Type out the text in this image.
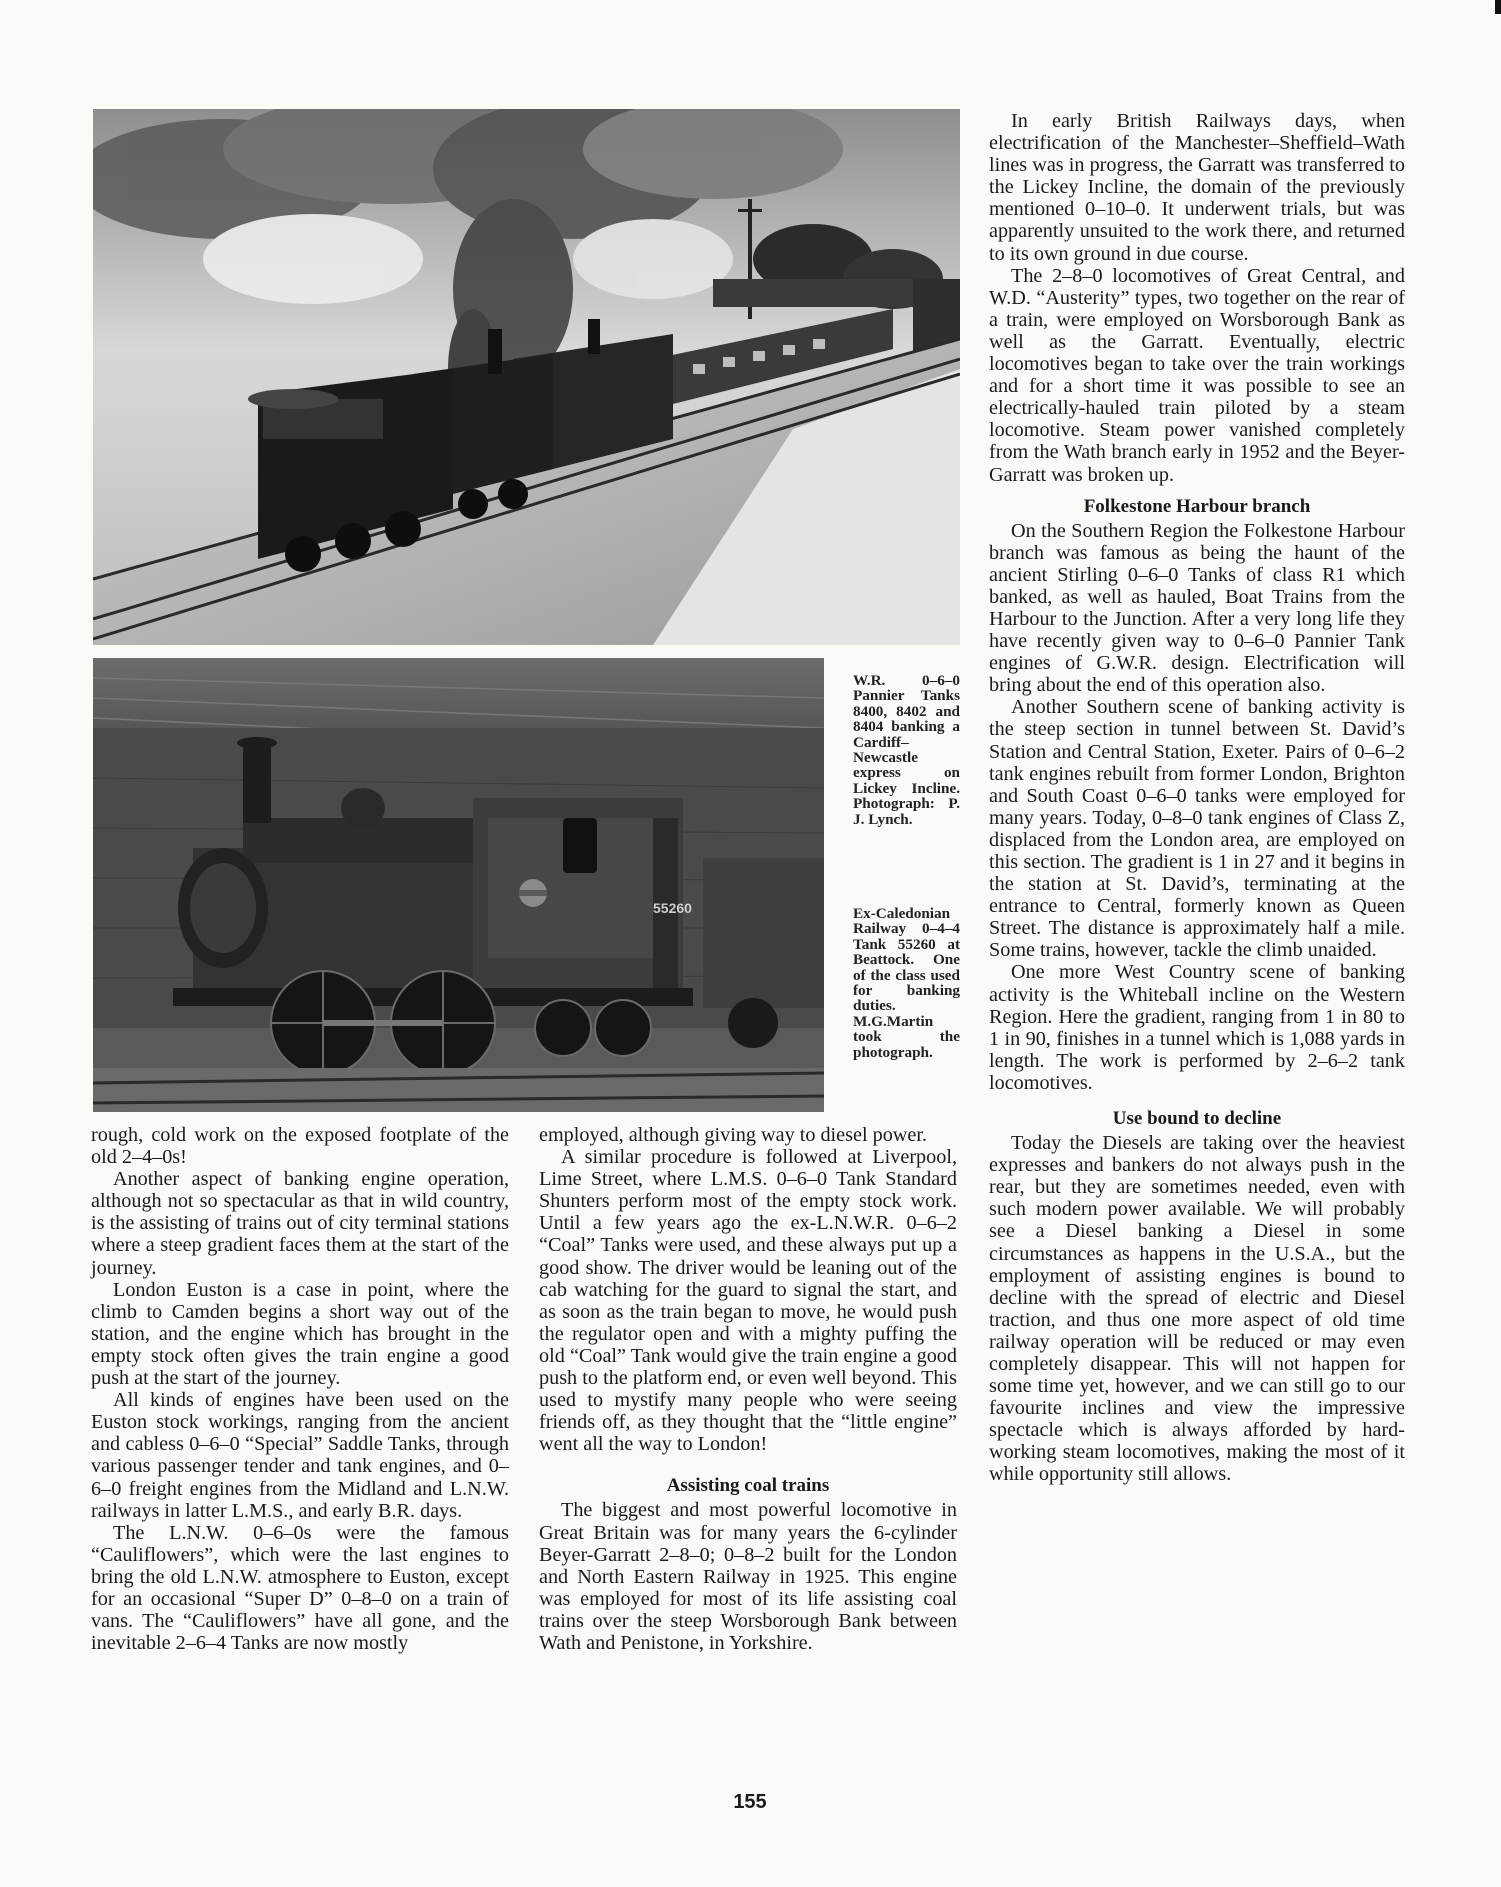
55260
W.R. 0–6–0 Pannier Tanks 8400, 8402 and 8404 banking a Cardiff–Newcastle express on Lickey Incline. Photograph: P. J. Lynch.
Ex-Caledonian Railway 0–4–4 Tank 55260 at Beattock. One of the class used for banking duties. M.G.Martin took the photograph.

rough, cold work on the exposed footplate of the old 2–4–0s!

Another aspect of banking engine operation, although not so spectacular as that in wild country, is the assisting of trains out of city terminal stations where a steep gradient faces them at the start of the journey.

London Euston is a case in point, where the climb to Camden begins a short way out of the station, and the engine which has brought in the empty stock often gives the train engine a good push at the start of the journey.

All kinds of engines have been used on the Euston stock workings, ranging from the ancient and cabless 0–6–0 “Special” Saddle Tanks, through various passenger tender and tank engines, and 0–6–0 freight engines from the Midland and L.N.W. railways in latter L.M.S., and early B.R. days.

The L.N.W. 0–6–0s were the famous “Cauliflowers”, which were the last engines to bring the old L.N.W. atmosphere to Euston, except for an occasional “Super D” 0–8–0 on a train of vans. The “Cauliflowers” have all gone, and the inevitable 2–6–4 Tanks are now mostly

employed, although giving way to diesel power.

A similar procedure is followed at Liverpool, Lime Street, where L.M.S. 0–6–0 Tank Standard Shunters perform most of the empty stock work. Until a few years ago the ex-L.N.W.R. 0–6–2 “Coal” Tanks were used, and these always put up a good show. The driver would be leaning out of the cab watching for the guard to signal the start, and as soon as the train began to move, he would push the regulator open and with a mighty puffing the old “Coal” Tank would give the train engine a good push to the platform end, or even well beyond. This used to mystify many people who were seeing friends off, as they thought that the “little engine” went all the way to London!

Assisting coal trains

The biggest and most powerful locomotive in Great Britain was for many years the 6-cylinder Beyer-Garratt 2–8–0; 0–8–2 built for the London and North Eastern Railway in 1925. This engine was employed for most of its life assisting coal trains over the steep Worsborough Bank between Wath and Penistone, in Yorkshire.

In early British Railways days, when electrification of the Manchester–Sheffield–Wath lines was in progress, the Garratt was transferred to the Lickey Incline, the domain of the previously mentioned 0–10–0. It underwent trials, but was apparently unsuited to the work there, and returned to its own ground in due course.

The 2–8–0 locomotives of Great Central, and W.D. “Austerity” types, two together on the rear of a train, were employed on Worsborough Bank as well as the Garratt. Eventually, electric locomotives began to take over the train workings and for a short time it was possible to see an electrically-hauled train piloted by a steam locomotive. Steam power vanished completely from the Wath branch early in 1952 and the Beyer-Garratt was broken up.

Folkestone Harbour branch

On the Southern Region the Folkestone Harbour branch was famous as being the haunt of the ancient Stirling 0–6–0 Tanks of class R1 which banked, as well as hauled, Boat Trains from the Harbour to the Junction. After a very long life they have recently given way to 0–6–0 Pannier Tank engines of G.W.R. design. Electrification will bring about the end of this operation also.

Another Southern scene of banking activity is the steep section in tunnel between St. David’s Station and Central Station, Exeter. Pairs of 0–6–2 tank engines rebuilt from former London, Brighton and South Coast 0–6–0 tanks were employed for many years. Today, 0–8–0 tank engines of Class Z, displaced from the London area, are employed on this section. The gradient is 1 in 27 and it begins in the station at St. David’s, terminating at the entrance to Central, formerly known as Queen Street. The distance is approximately half a mile. Some trains, however, tackle the climb unaided.

One more West Country scene of banking activity is the Whiteball incline on the Western Region. Here the gradient, ranging from 1 in 80 to 1 in 90, finishes in a tunnel which is 1,088 yards in length. The work is performed by 2–6–2 tank locomotives.

Use bound to decline

Today the Diesels are taking over the heaviest expresses and bankers do not always push in the rear, but they are sometimes needed, even with such modern power available. We will probably see a Diesel banking a Diesel in some circumstances as happens in the U.S.A., but the employment of assisting engines is bound to decline with the spread of electric and Diesel traction, and thus one more aspect of old time railway operation will be reduced or may even completely disappear. This will not happen for some time yet, however, and we can still go to our favourite inclines and view the impressive spectacle which is always afforded by hard-working steam locomotives, making the most of it while opportunity still allows.

155
